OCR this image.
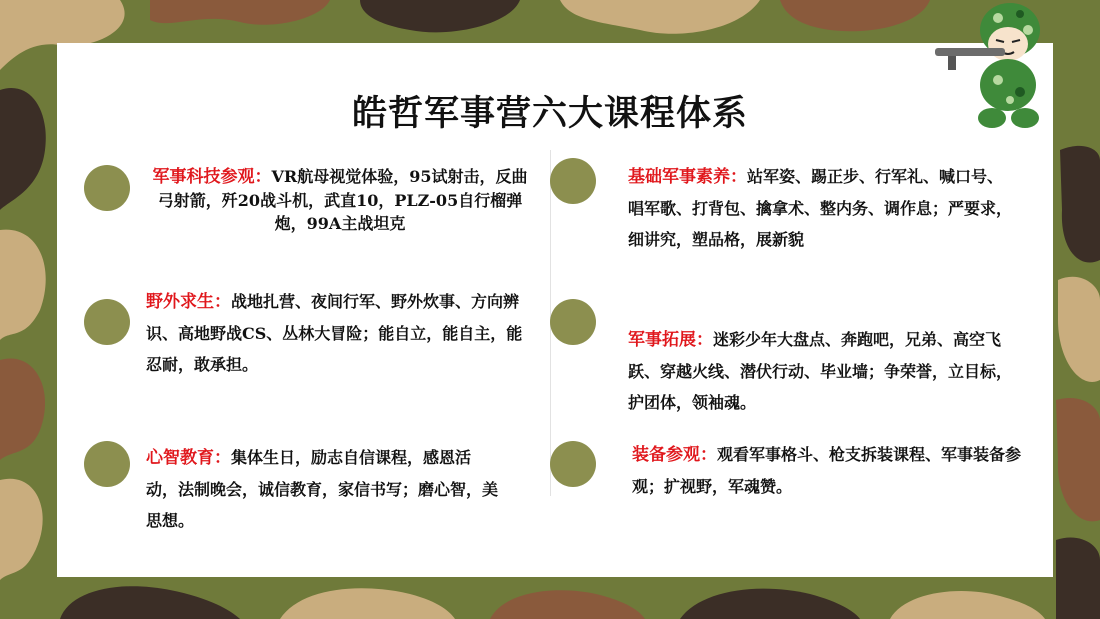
皓哲军事营六大课程体系
军事科技参观：VR航母视觉体验，95试射击，反曲弓射箭，歼20战斗机，武直10，PLZ-05自行榴弹炮，99A主战坦克
野外求生：战地扎营、夜间行军、野外炊事、方向辨识、高地野战CS、丛林大冒险；能自立，能自主，能忍耐，敢承担。
心智教育：集体生日，励志自信课程，感恩活动，法制晚会，诚信教育，家信书写；磨心智，美思想。
基础军事素养：站军姿、踢正步、行军礼、喊口号、唱军歌、打背包、擒拿术、整内务、调作息；严要求，细讲究，塑品格，展新貌
军事拓展：迷彩少年大盘点、奔跑吧，兄弟、高空飞跃、穿越火线、潜伏行动、毕业墙；争荣誉，立目标，护团体，领袖魂。
装备参观：观看军事格斗、枪支拆装课程、军事装备参观；扩视野，军魂赞。
